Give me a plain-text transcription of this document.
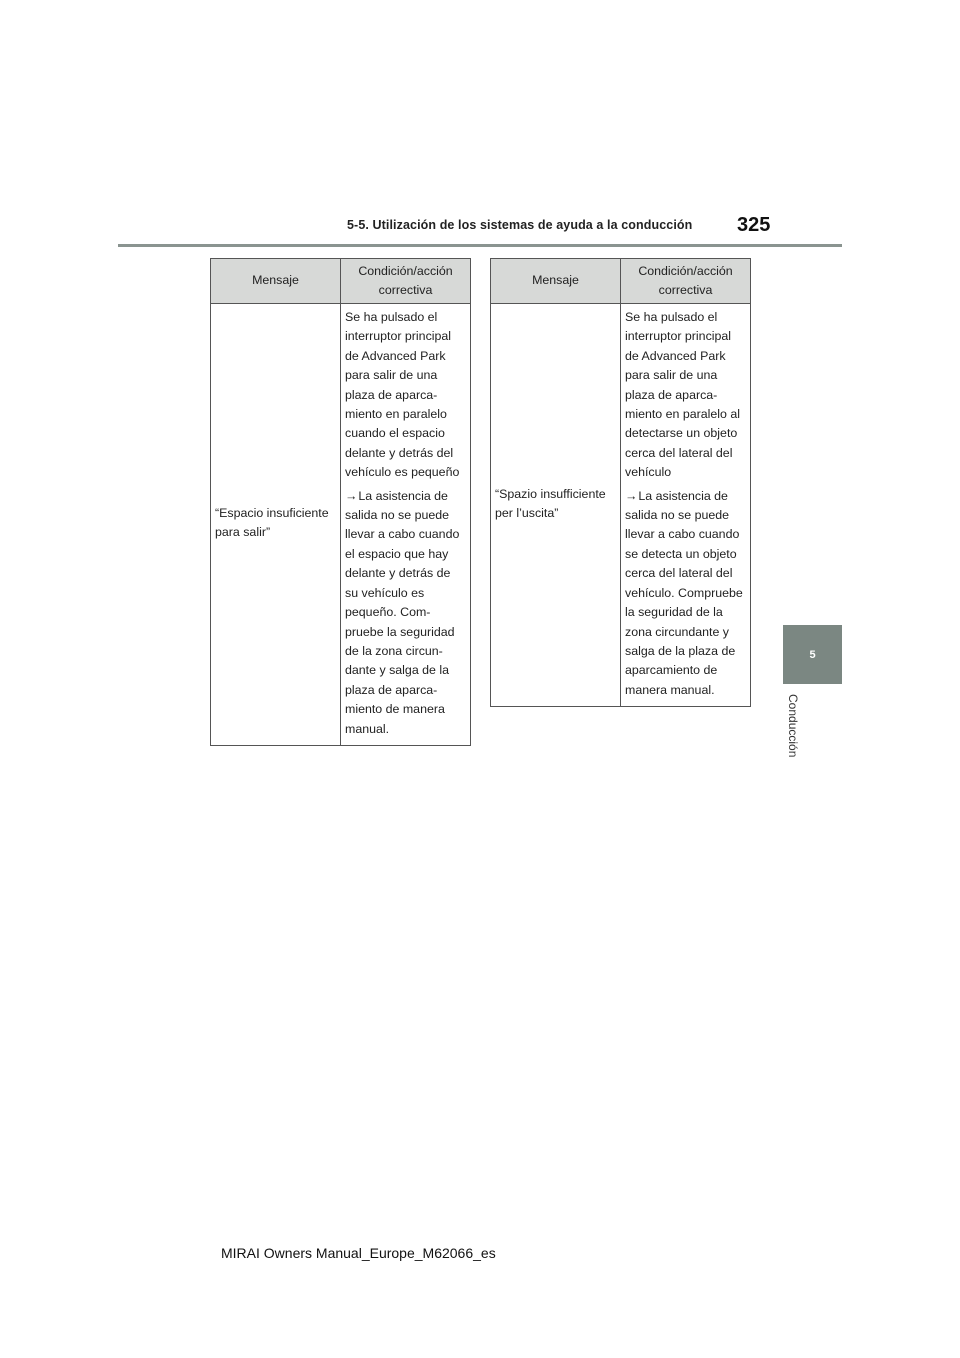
5-5. Utilización de los sistemas de ayuda a la conducción 325
5
Conducción
Mensaje	Condición/acción correctiva
“Espacio insuficiente para salir”	Se ha pulsado el interruptor principal de Advanced Park para salir de una plaza de aparca-miento en paralelo cuando el espacio delante y detrás del vehículo es pequeño

→La asistencia de salida no se puede llevar a cabo cuando el espacio que hay delante y detrás de su vehículo es pequeño. Com-pruebe la seguridad de la zona circun-dante y salga de la plaza de aparca-miento de manera manual.

Mensaje	Condición/acción correctiva
“Spazio insufficiente per l’uscita”	Se ha pulsado el interruptor principal de Advanced Park para salir de una plaza de aparca-miento en paralelo al detectarse un objeto cerca del lateral del vehículo

→La asistencia de salida no se puede llevar a cabo cuando se detecta un objeto cerca del lateral del vehículo. Compruebe la seguridad de la zona circundante y salga de la plaza de aparcamiento de manera manual.

MIRAI Owners Manual_Europe_M62066_es
